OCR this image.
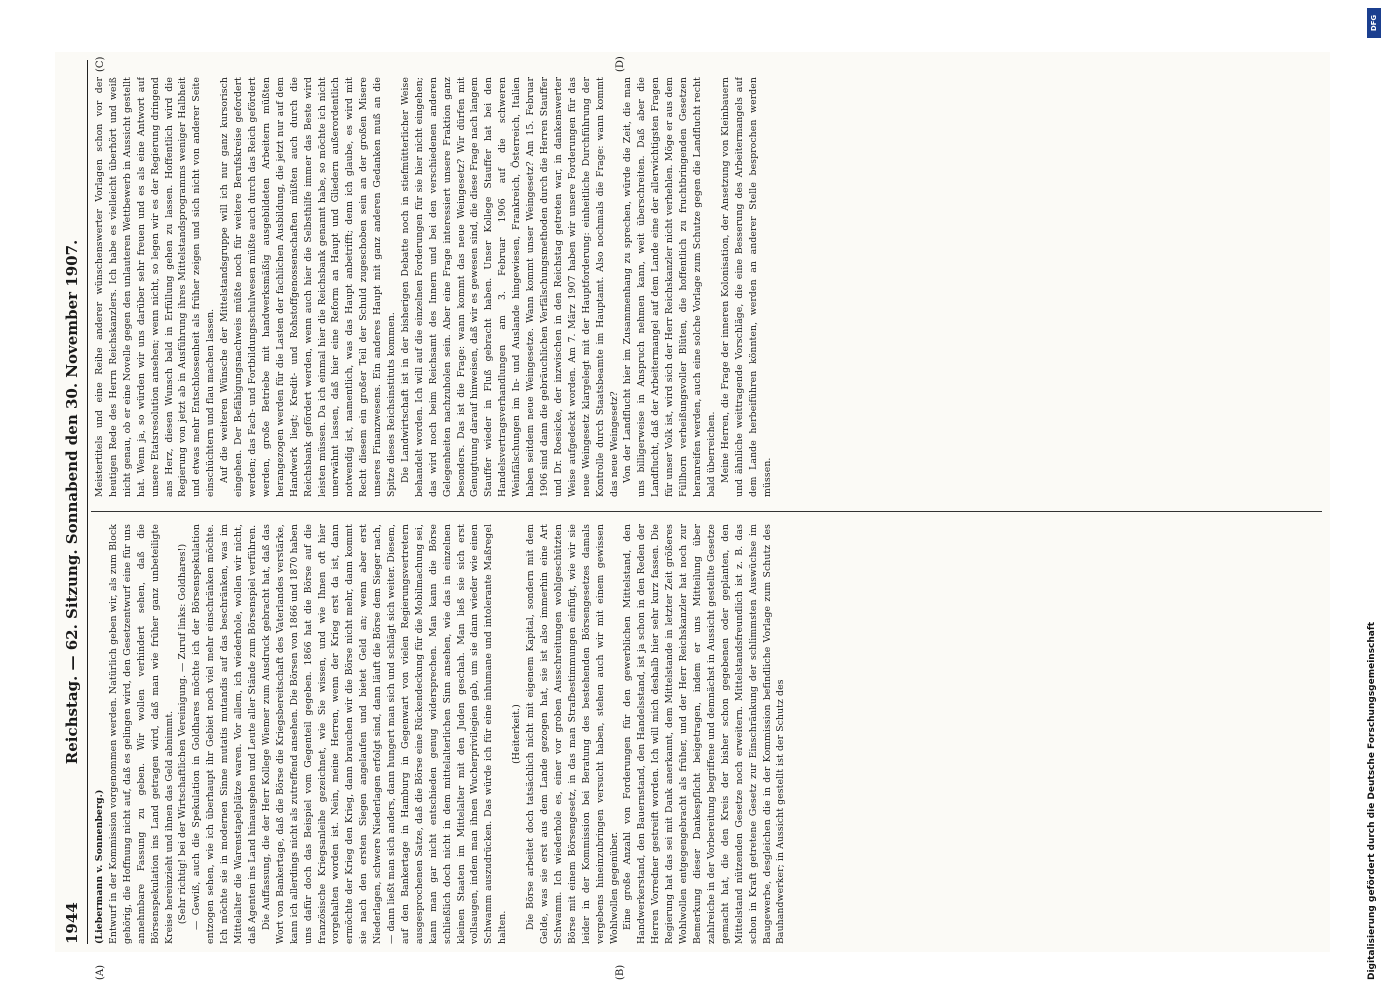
1944
Reichstag. — 62. Sitzung. Sonnabend den 30. November 1907.
(A)	(B)
(C)	(D)

(Liebermann v. Sonnenberg.) Entwurf in der Kommission vorgenommen werden. Natürlich geben wir, als zum Block gehörig, die Hoffnung nicht auf, daß es gelingen wird, den Gesetzentwurf eine für uns annehmbare Fassung zu geben. Wir wollen verhindert sehen, daß die Börsenspekulation ins Land getragen wird, daß man wie früher ganz unbeteiligte Kreise hereinzieht und ihnen das Geld abnimmt. (Sehr richtig! bei der Wirtschaftlichen Vereinigung. — Zuruf links: Goldhares!) — Gewiß, auch die Spekulation in Goldhares möchte ich der Börsenspekulation entzogen sehen, wie ich überhaupt ihr Gebiet noch viel mehr einschränken möchte. Ich möchte sie in modernen Sinne mutatis mutandis auf das beschränken, was im Mittelalter die Warenstapelplätze waren. Vor allem, ich wiederhole, wollen wir nicht, daß Agenten ins Land hinausgehen und Leute aller Stände zum Börsenspiel verführen. Die Auffassung, die der Herr Kollege Wiemer zum Ausdruck gebracht hat, daß das Wort von Bankertage, daß die Börse die Kriegsbereitschaft des Vaterlandes verstärke, kann ich allerdings nicht als zutreffend ansehen. Die Börsen von 1866 und 1870 haben uns dafür doch das Beispiel vom Gegenteil gegeben. 1866 hat die Börse auf die französische Kriegsanleihe gezeichnet, wie Sie wissen, und wie Ihnen oft hier vorgehalten worden ist. Nein, meine Herren, wenn der Krieg erst da ist, dann ermöchte der Krieg den Krieg, dann brauchen wir die Börse nicht mehr, dann kommt sie nach den ersten Siegen angelaufen und bietet Geld an; wenn aber erst Niederlagen, schwere Niederlagen erfolgt sind, dann läuft die Börse dem Sieger nach, — dann ließt man sich anders, dann hungert man sich und schlägt sich weiter. Diesem, auf den Bankertage in Hamburg in Gegenwart von vielen Regierungsvertretern ausgesprochenen Satze, daß die Börse eine Rückendeckung für die Mobilmachung sei, kann man gar nicht entschieden genug widersprechen. Man kann die Börse schließlich doch nicht in dem mittelalterlichen Sinn ansehen, wie das in einzelnen kleinen Staaten im Mittelalter mit den Juden geschah. Man ließ sie sich erst vollsaugen, indem man ihnen Wucherprivilegien gab, um sie dann wieder wie einen Schwamm auszudrücken. Das würde ich für eine inhumane und intolerante Maßregel halten.

(Heiterkeit.) Die Börse arbeitet doch tatsächlich nicht mit eigenem Kapital, sondern mit dem Gelde, was sie erst aus dem Lande gezogen hat, sie ist also immerhin eine Art Schwamm. Ich wiederhole es, einer vor groben Ausschreitungen wohlgeschützten Börse mit einem Börsengesetz, in das man Strafbestimmungen einfügt, wie wir sie leider in der Kommission bei Beratung des bestehenden Börsengesetzes damals vergebens hineinzubringen versucht haben, stehen auch wir mit einem gewissen Wohlwollen gegenüber. Eine große Anzahl von Forderungen für den gewerblichen Mittelstand, den Handwerkerstand, den Bauernstand, den Handelsstand, ist ja schon in den Reden der Herren Vorredner gestreift worden. Ich will mich deshalb hier sehr kurz fassen. Die Regierung hat das sei mit Dank anerkannt, dem Mittelstande in letzter Zeit größeres Wohlwollen entgegengebracht als früher, und der Herr Reichskanzler hat noch zur Bemerkung dieser Dankespflicht beigetragen, indem er uns Mitteilung über zahlreiche in der Vorbereitung begriffene und demnächst in Aussicht gestellte Gesetze gemacht hat, die den Kreis der bisher schon gegebenen oder geplanten, den Mittelstand nützenden Gesetze noch erweitern. Mittelstandsfreundlich ist z. B. das schon in Kraft getretene Gesetz zur Einschränkung der schlimmsten Auswüchse im Baugewerbe, desgleichen die in der Kommission befindliche Vorlage zum Schutz des Bauhandwerker; in Aussicht gestellt ist der Schutz des

Meistertitels und eine Reihe anderer wünschenswerter Vorlagen schon vor der heutigen Rede des Herrn Reichskanzlers. Ich habe es vielleicht überhört und weiß nicht genau, ob er eine Novelle gegen den unlauteren Wettbewerb in Aussicht gestellt hat. Wenn ja, so würden wir uns darüber sehr freuen und es als eine Antwort auf unsere Etatsresolution ansehen; wenn nicht, so legen wir es der Regierung dringend ans Herz, diesen Wunsch bald in Erfüllung gehen zu lassen. Hoffentlich wird die Regierung von jetzt ab in Ausführung ihres Mittelstandsprogramms weniger Halbheit und etwas mehr Entschlossenheit als früher zeigen und sich nicht von anderer Seite einschüchtern und flau machen lassen. Auf die weiteren Wünsche der Mittelstandsgruppe will ich nur ganz kursorisch eingehen. Der Befähigungsnachweis müßte noch für weitere Berufskreise gefordert werden; das Fach- und Fortbildungsschulwesen müßte auch durch das Reich gefördert werden, große Betriebe mit handwerksmäßig ausgebildeten Arbeitern müßten herangezogen werden für die Lasten der fachlichen Ausbildung, die jetzt nur auf dem Handwerk liegt; Kredit- und Rohstoffgenossenschaften müßten auch durch die Reichsbank gefördert werden, wenn auch hier die Selbsthilfe immer das Beste wird leisten müssen. Da ich einmal hier die Reichsbank genannt habe, so möchte ich nicht unerwähnt lassen, daß hier eine Reform an Haupt und Gliedern außerordentlich notwendig ist, namentlich, was das Haupt anbetrifft; denn ich glaube, es wird mit Recht diesem ein großer Teil der Schuld zugeschoben sein an der großen Misere unseres Finanzwesens. Ein anderes Haupt mit ganz anderen Gedanken muß an die Spitze dieses Reichsinstituts kommen. Die Landwirtschaft ist in der bisherigen Debatte noch in stiefmütterlicher Weise behandelt worden. Ich will auf die einzelnen Forderungen für sie hier nicht eingehen; das wird noch beim Reichsamt des Innern und bei den verschiedenen anderen Gelegenheiten nachzuholen sein. Aber eine Frage interessiert unsere Fraktion ganz besonders. Das ist die Frage: wann kommt das neue Weingesetz? Wir dürfen mit Genugtuung darauf hinweisen, daß wir es gewesen sind, die diese Frage nach langem Stauffer wieder in Fluß gebracht haben. Unser Kollege Stauffer hat bei den Handelsvertragsverhandlungen am 3. Februar 1906 auf die schweren Weinfälschungen im In- und Auslande hingewiesen, Frankreich, Österreich, Italien haben seitdem neue Weingesetze. Wann kommt unser Weingesetz? Am 15. Februar 1906 sind dann die gebräuchlichen Verfälschungsmethoden durch die Herren Stauffer und Dr. Roesicke, der inzwischen in den Reichstag getreten war, in dankenswerter Weise aufgedeckt worden. Am 7. März 1907 haben wir unsere Forderungen für das neue Weingesetz klargelegt mit der Hauptforderung: einheitliche Durchführung der Kontrolle durch Staatsbeamte im Hauptamt. Also nochmals die Frage: wann kommt das neue Weingesetz? Von der Landflucht hier im Zusammenhang zu sprechen, würde die Zeit, die man uns billigerweise in Anspruch nehmen kann, weit überschreiten. Daß aber die Landflucht, daß der Arbeitermangel auf dem Lande eine der allerwichtigsten Fragen für unser Volk ist, wird sich der Herr Reichskanzler nicht verhehlen. Möge er aus dem Füllhorn verheißungsvoller Blüten, die hoffentlich zu fruchtbringenden Gesetzen heranreifen werden, auch eine solche Vorlage zum Schutze gegen die Landflucht recht bald überreichen. Meine Herren, die Frage der inneren Kolonisation, der Ansetzung von Kleinbauern und ähnliche weittragende Vorschläge, die eine Besserung des Arbeitermangels auf dem Lande herbeiführen könnten, werden an anderer Stelle besprochen werden müssen.

DFG
Digitalisierung gefördert durch die Deutsche Forschungsgemeinschaft
